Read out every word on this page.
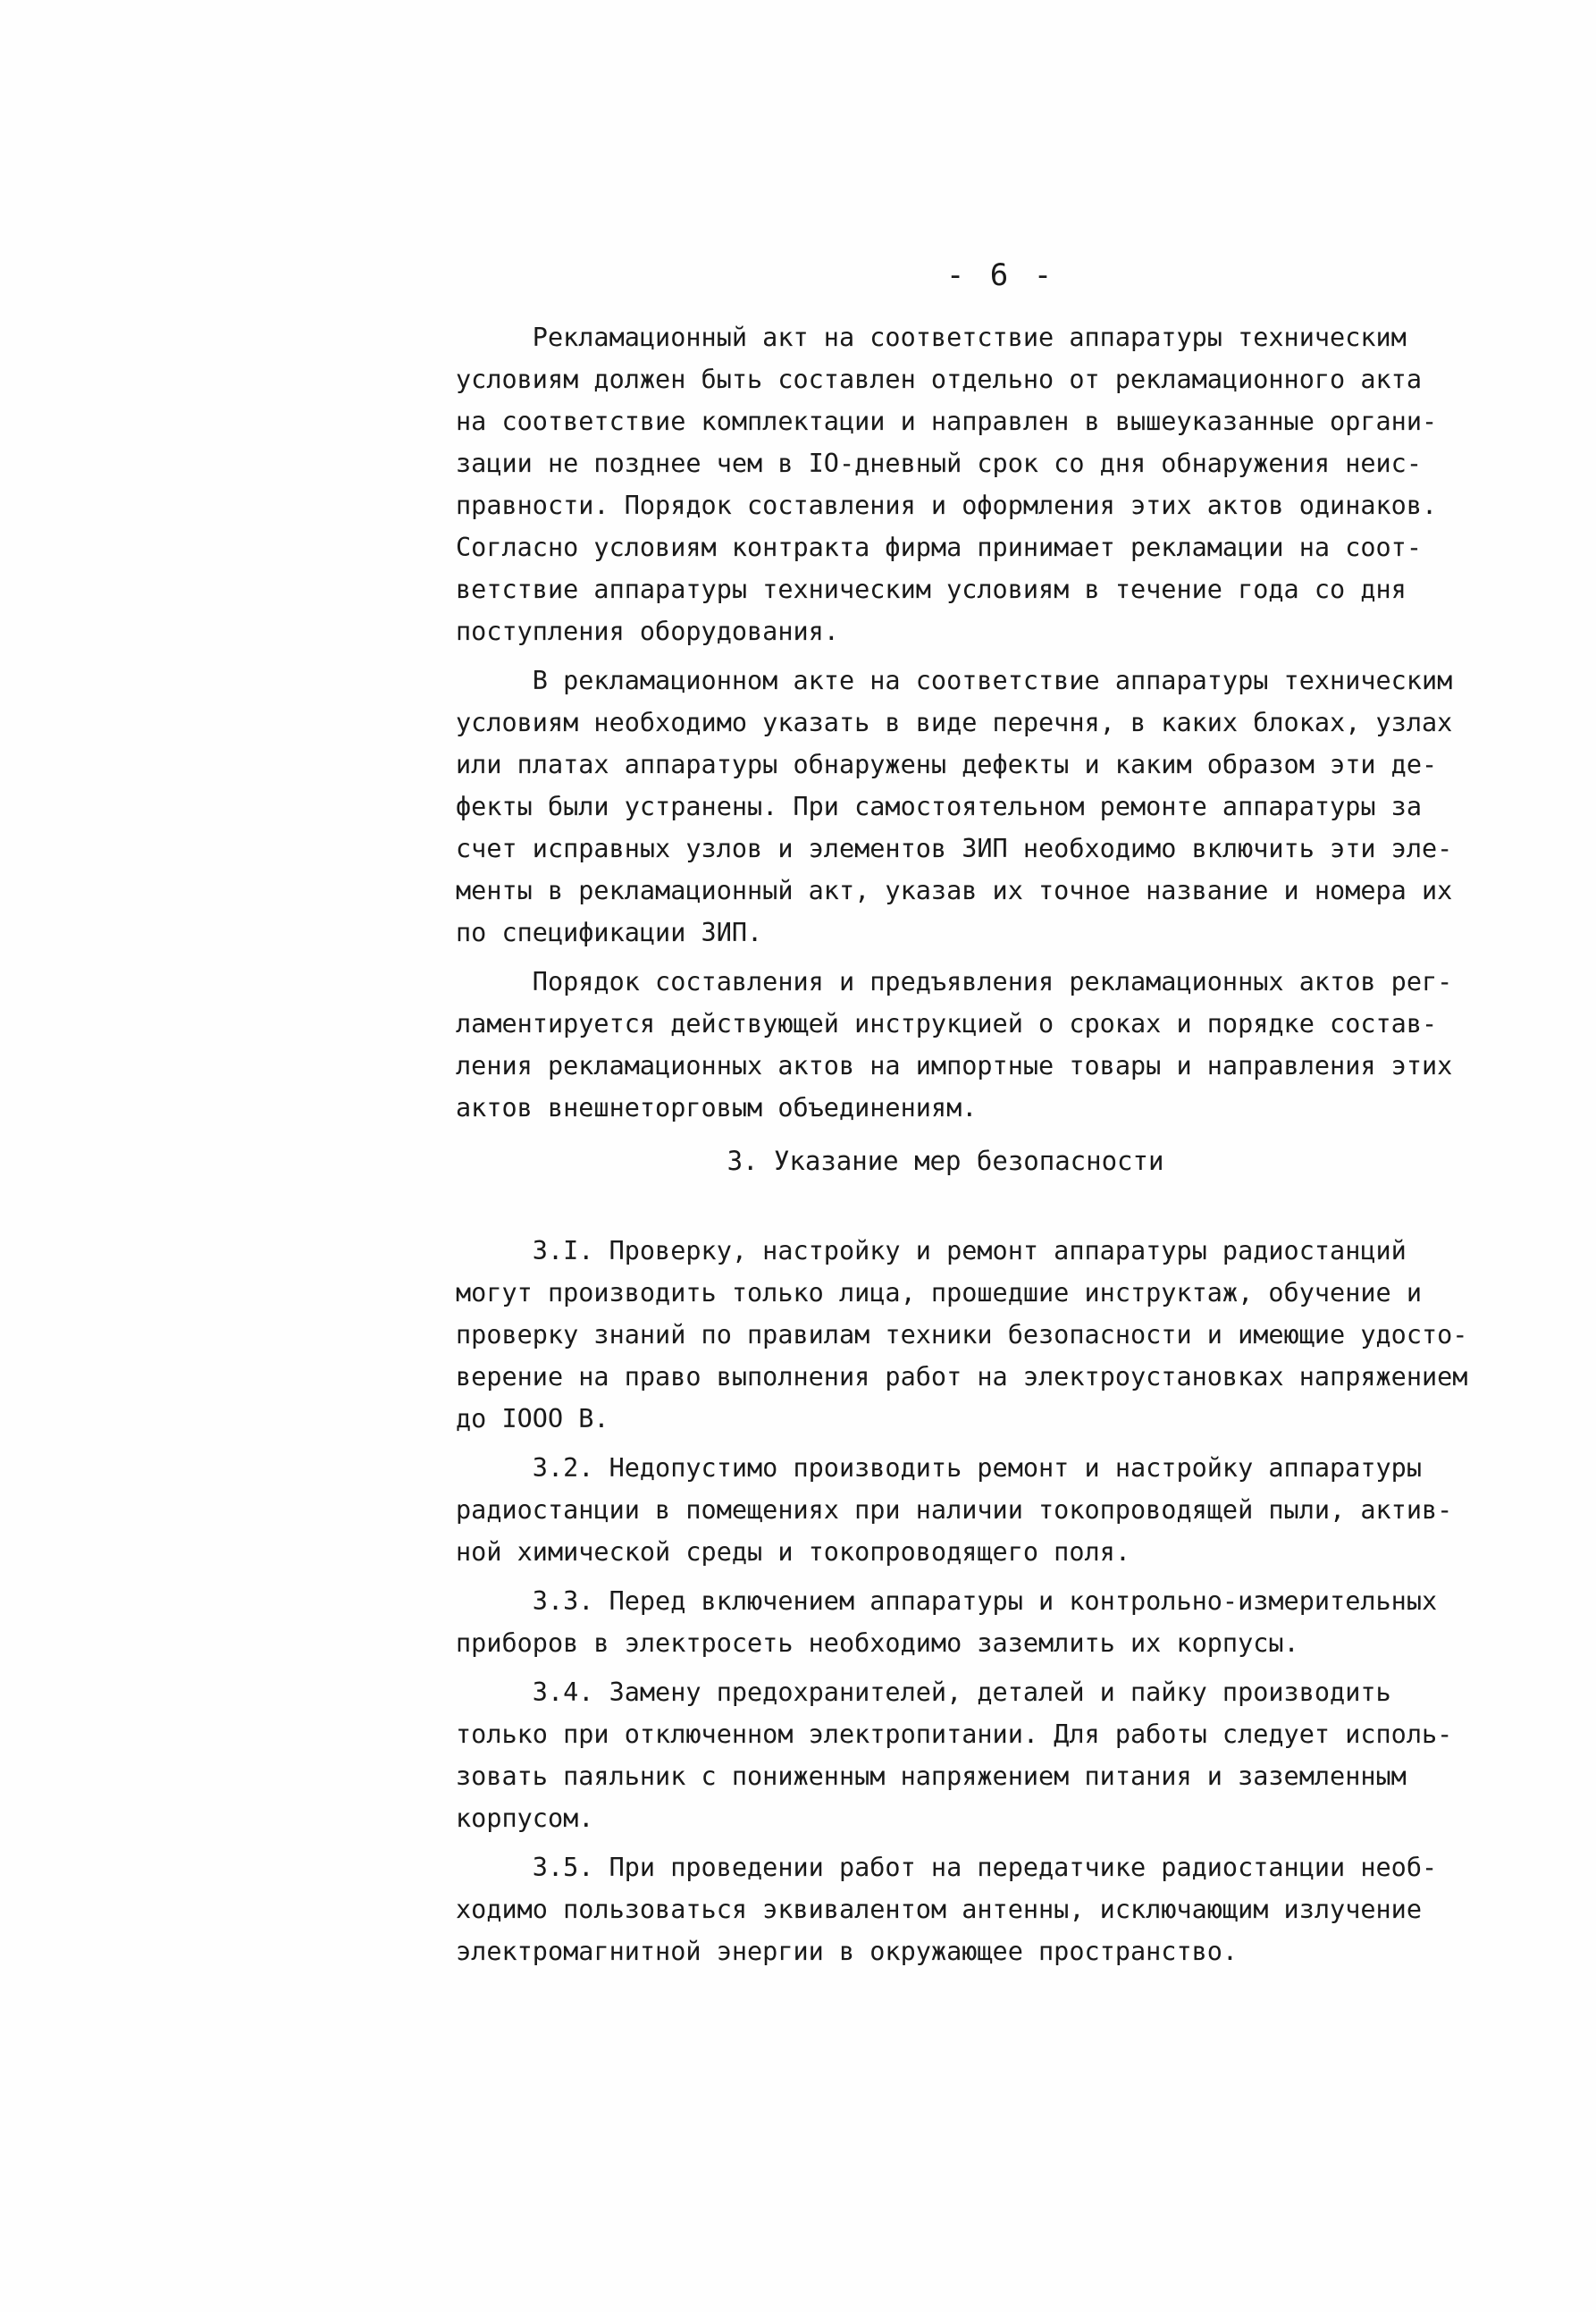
- 6 -
Рекламационный акт на соответствие аппаратуры техническим
условиям должен быть составлен отдельно от рекламационного акта
на соответствие комплектации и направлен в вышеуказанные органи-
зации не позднее чем в IO-дневный срок со дня обнаружения неис-
правности. Порядок составления и оформления этих актов одинаков.
Согласно условиям контракта фирма принимает рекламации на соот-
ветствие аппаратуры техническим условиям в течение года со дня
поступления оборудования.
В рекламационном акте на соответствие аппаратуры техническим
условиям необходимо указать в виде перечня, в каких блоках, узлах
или платах аппаратуры обнаружены дефекты и каким образом эти де-
фекты были устранены. При самостоятельном ремонте аппаратуры за
счет исправных узлов и элементов ЗИП необходимо включить эти эле-
менты в рекламационный акт, указав их точное название и номера их
по спецификации ЗИП.
Порядок составления и предъявления рекламационных актов рег-
ламентируется действующей инструкцией о сроках и порядке состав-
ления рекламационных актов на импортные товары и направления этих
актов внешнеторговым объединениям.
3. Указание мер безопасности
3.I. Проверку, настройку и ремонт аппаратуры радиостанций
могут производить только лица, прошедшие инструктаж, обучение и
проверку знаний по правилам техники безопасности и имеющие удосто-
верение на право выполнения работ на электроустановках напряжением
до IOOO В.
3.2. Недопустимо производить ремонт и настройку аппаратуры
радиостанции в помещениях при наличии токопроводящей пыли, актив-
ной химической среды и токопроводящего поля.
3.3. Перед включением аппаратуры и контрольно-измерительных
приборов в электросеть необходимо заземлить их корпусы.
3.4. Замену предохранителей, деталей и пайку производить
только при отключенном электропитании. Для работы следует исполь-
зовать паяльник с пониженным напряжением питания и заземленным
корпусом.
3.5. При проведении работ на передатчике радиостанции необ-
ходимо пользоваться эквивалентом антенны, исключающим излучение
электромагнитной энергии в окружающее пространство.
